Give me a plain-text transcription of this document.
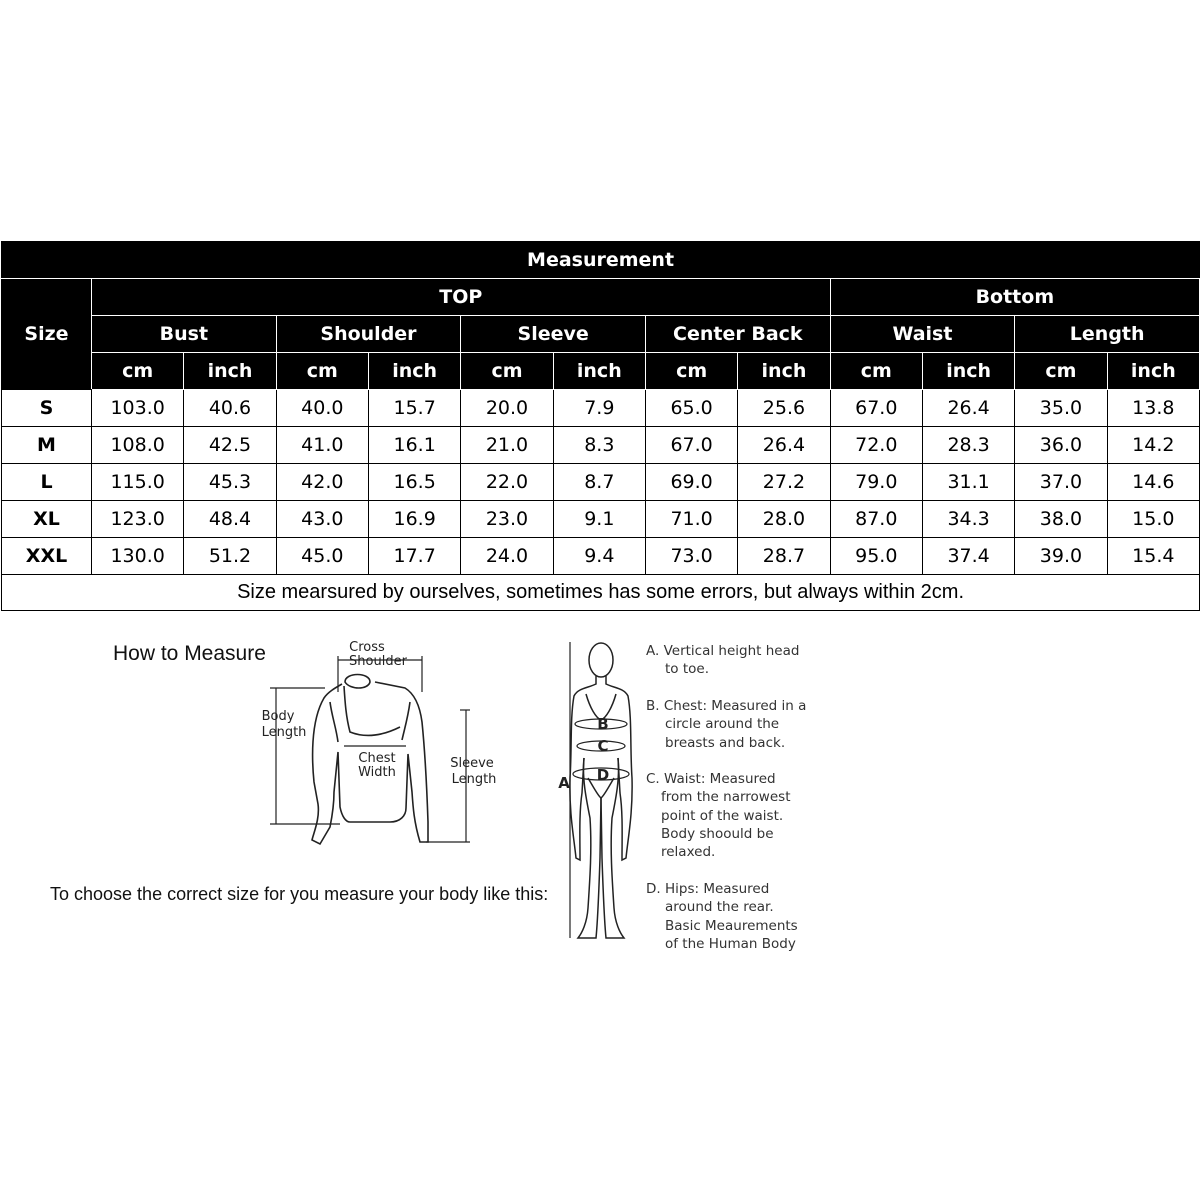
Measurement												
Size	TOP								Bottom			
	Bust		Shoulder		Sleeve		Center Back		Waist		Length	
	cm	inch	cm	inch	cm	inch	cm	inch	cm	inch	cm	inch
S	103.0	40.6	40.0	15.7	20.0	7.9	65.0	25.6	67.0	26.4	35.0	13.8
M	108.0	42.5	41.0	16.1	21.0	8.3	67.0	26.4	72.0	28.3	36.0	14.2
L	115.0	45.3	42.0	16.5	22.0	8.7	69.0	27.2	79.0	31.1	37.0	14.6
XL	123.0	48.4	43.0	16.9	23.0	9.1	71.0	28.0	87.0	34.3	38.0	15.0
XXL	130.0	51.2	45.0	17.7	24.0	9.4	73.0	28.7	95.0	37.4	39.0	15.4
Size mearsured by ourselves, sometimes has some errors, but always within 2cm.												
How to Measure
To choose the correct size for you measure your body like this:
Cross
Shoulder
Body
Length
Chest
Width
Sleeve
Length	A
B
C
D
A. Vertical height head
to toe.
B. Chest: Measured in a
circle around the
breasts and back.
C. Waist: Measured
from the narrowest
point of the waist.
Body shoould be
relaxed.
D. Hips: Measured
around the rear.
Basic Meaurements
of the Human Body
